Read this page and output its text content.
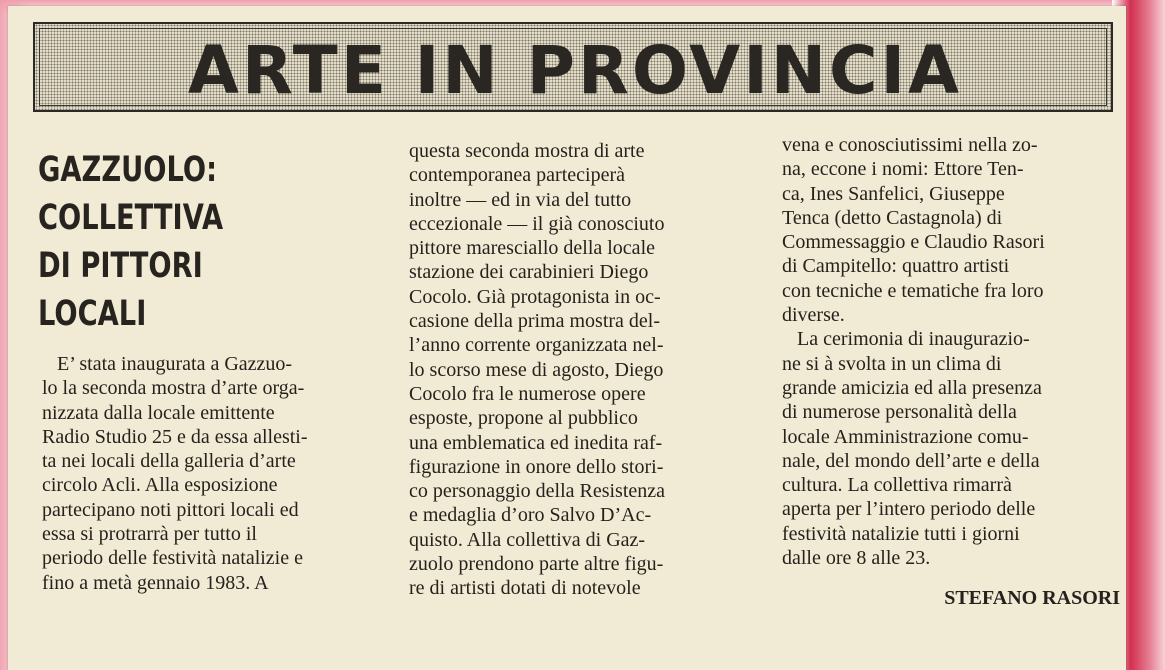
ARTE IN PROVINCIA
GAZZUOLO:
COLLETTIVA
DI PITTORI
LOCALI

E’ stata inaugurata a Gazzuo-
lo la seconda mostra d’arte orga-
nizzata dalla locale emittente
Radio Studio 25 e da essa allesti-
ta nei locali della galleria d’arte
circolo Acli. Alla esposizione
partecipano noti pittori locali ed
essa si protrarrà per tutto il
periodo delle festività natalizie e
fino a metà gennaio 1983. A

questa seconda mostra di arte
contemporanea parteciperà
inoltre — ed in via del tutto
eccezionale — il già conosciuto
pittore maresciallo della locale
stazione dei carabinieri Diego
Cocolo. Già protagonista in oc-
casione della prima mostra del-
l’anno corrente organizzata nel-
lo scorso mese di agosto, Diego
Cocolo fra le numerose opere
esposte, propone al pubblico
una emblematica ed inedita raf-
figurazione in onore dello stori-
co personaggio della Resistenza
e medaglia d’oro Salvo D’Ac-
quisto. Alla collettiva di Gaz-
zuolo prendono parte altre figu-
re di artisti dotati di notevole

vena e conosciutissimi nella zo-
na, eccone i nomi: Ettore Ten-
ca, Ines Sanfelici, Giuseppe
Tenca (detto Castagnola) di
Commessaggio e Claudio Rasori
di Campitello: quattro artisti
con tecniche e tematiche fra loro
diverse.
La cerimonia di inaugurazio-
ne si à svolta in un clima di
grande amicizia ed alla presenza
di numerose personalità della
locale Amministrazione comu-
nale, del mondo dell’arte e della
cultura. La collettiva rimarrà
aperta per l’intero periodo delle
festività natalizie tutti i giorni
dalle ore 8 alle 23.

STEFANO RASORI
